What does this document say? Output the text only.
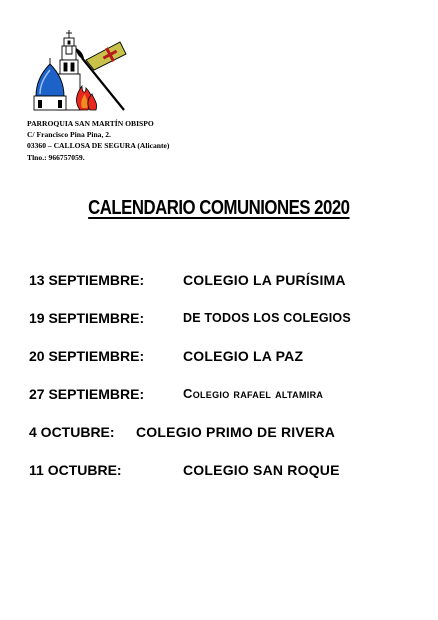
PARROQUIA SAN MARTÍN OBISPO
C/ Francisco Pina Pina, 2.
03360 – CALLOSA DE SEGURA (Alicante)
Tlno.: 966757059.
CALENDARIO COMUNIONES 2020
13 SEPTIEMBRE:	COLEGIO LA PURÍSIMA
19 SEPTIEMBRE:	DE TODOS LOS COLEGIOS
20 SEPTIEMBRE:	COLEGIO LA PAZ
27 SEPTIEMBRE:	Colegio rafael altamira
4 OCTUBRE: COLEGIO PRIMO DE RIVERA
11 OCTUBRE:	COLEGIO SAN ROQUE
